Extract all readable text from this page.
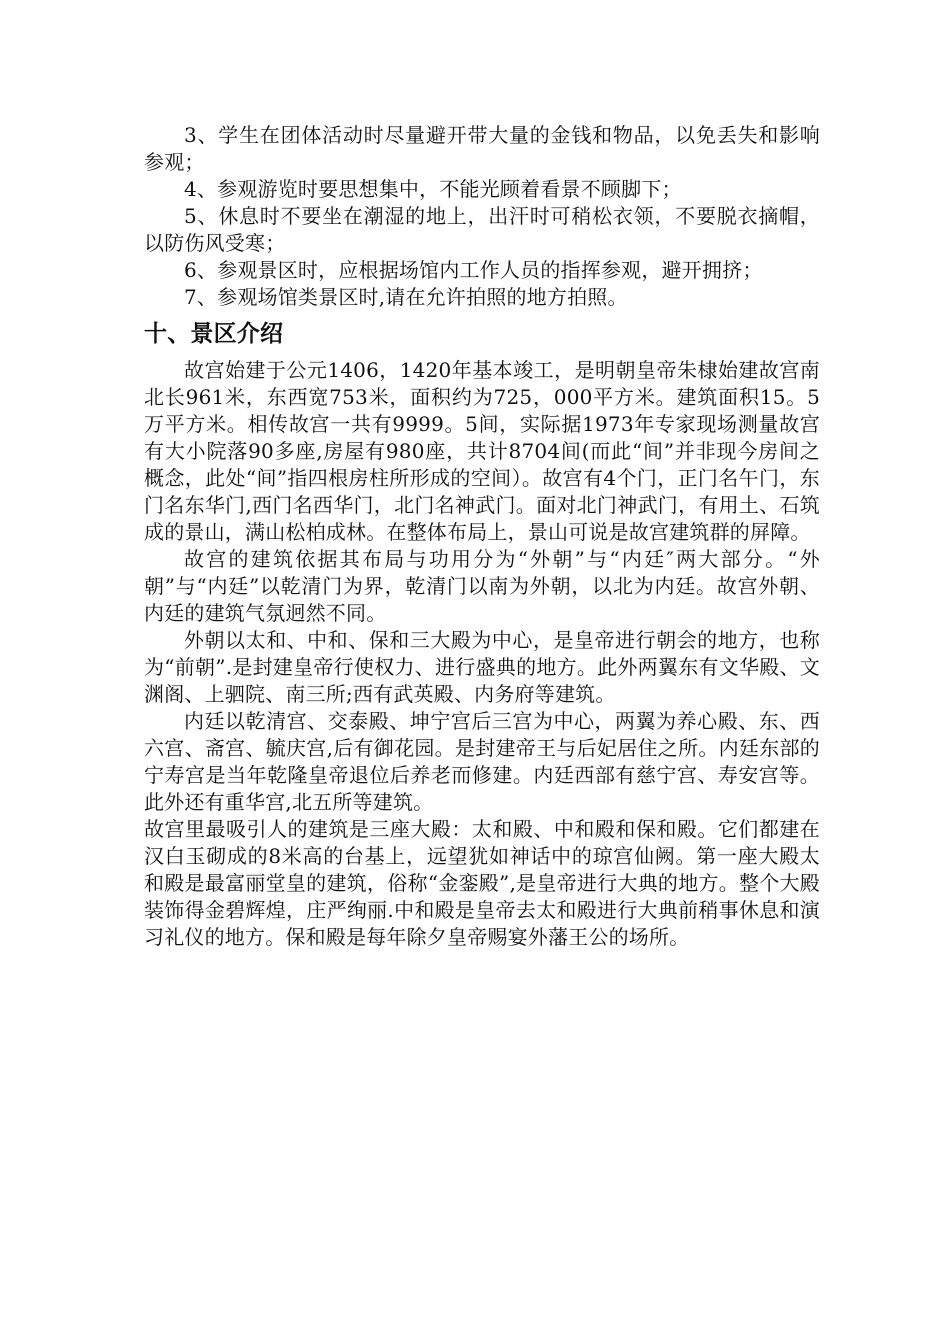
3、学生在团体活动时尽量避开带大量的金钱和物品，以免丢失和影响参观；

4、参观游览时要思想集中，不能光顾着看景不顾脚下；

5、休息时不要坐在潮湿的地上，出汗时可稍松衣领，不要脱衣摘帽，以防伤风受寒；

6、参观景区时，应根据场馆内工作人员的指挥参观，避开拥挤；

7、参观场馆类景区时,请在允许拍照的地方拍照。

十、景区介绍

故宫始建于公元1406，1420年基本竣工，是明朝皇帝朱棣始建故宫南北长961米，东西宽753米，面积约为725，000平方米。建筑面积15。5万平方米。相传故宫一共有9999。5间，实际据1973年专家现场测量故宫有大小院落90多座,房屋有980座，共计8704间(而此“间”并非现今房间之概念，此处“间”指四根房柱所形成的空间）。故宫有4个门，正门名午门，东门名东华门,西门名西华门，北门名神武门。面对北门神武门，有用土、石筑成的景山，满山松柏成林。在整体布局上，景山可说是故宫建筑群的屏障。

故宫的建筑依据其布局与功用分为“外朝”与“内廷″两大部分。“外朝”与“内廷”以乾清门为界，乾清门以南为外朝，以北为内廷。故宫外朝、内廷的建筑气氛迥然不同。

外朝以太和、中和、保和三大殿为中心，是皇帝进行朝会的地方，也称为“前朝”.是封建皇帝行使权力、进行盛典的地方。此外两翼东有文华殿、文渊阁、上驷院、南三所;西有武英殿、内务府等建筑。

内廷以乾清宫、交泰殿、坤宁宫后三宫为中心，两翼为养心殿、东、西六宫、斋宫、毓庆宫,后有御花园。是封建帝王与后妃居住之所。内廷东部的宁寿宫是当年乾隆皇帝退位后养老而修建。内廷西部有慈宁宫、寿安宫等。此外还有重华宫,北五所等建筑。

故宫里最吸引人的建筑是三座大殿：太和殿、中和殿和保和殿。它们都建在汉白玉砌成的8米高的台基上，远望犹如神话中的琼宫仙阙。第一座大殿太和殿是最富丽堂皇的建筑，俗称“金銮殿”,是皇帝进行大典的地方。整个大殿装饰得金碧辉煌，庄严绚丽.中和殿是皇帝去太和殿进行大典前稍事休息和演习礼仪的地方。保和殿是每年除夕皇帝赐宴外藩王公的场所。
